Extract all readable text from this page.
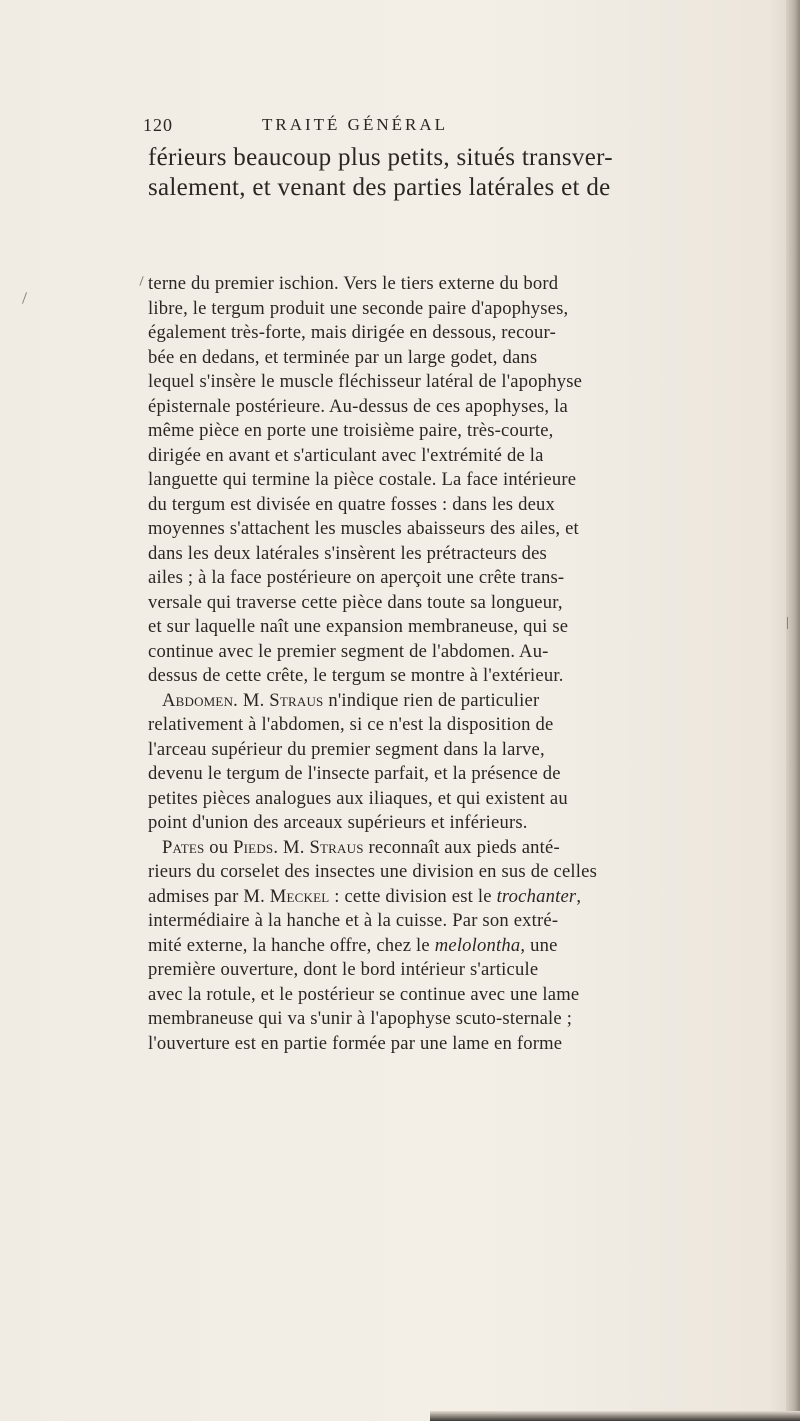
120	TRAITÉ GÉNÉRAL
férieurs beaucoup plus petits, situés transver-
salement, et venant des parties latérales et de
terne du premier ischion. Vers le tiers externe du bord
libre, le tergum produit une seconde paire d'apophyses,
également très-forte, mais dirigée en dessous, recour-
bée en dedans, et terminée par un large godet, dans
lequel s'insère le muscle fléchisseur latéral de l'apophyse
épisternale postérieure. Au-dessus de ces apophyses, la
même pièce en porte une troisième paire, très-courte,
dirigée en avant et s'articulant avec l'extrémité de la
languette qui termine la pièce costale. La face intérieure
du tergum est divisée en quatre fosses : dans les deux
moyennes s'attachent les muscles abaisseurs des ailes, et
dans les deux latérales s'insèrent les prétracteurs des
ailes ; à la face postérieure on aperçoit une crête trans-
versale qui traverse cette pièce dans toute sa longueur,
et sur laquelle naît une expansion membraneuse, qui se
continue avec le premier segment de l'abdomen. Au-
dessus de cette crête, le tergum se montre à l'extérieur.
Abdomen. M. Straus n'indique rien de particulier
relativement à l'abdomen, si ce n'est la disposition de
l'arceau supérieur du premier segment dans la larve,
devenu le tergum de l'insecte parfait, et la présence de
petites pièces analogues aux iliaques, et qui existent au
point d'union des arceaux supérieurs et inférieurs.
Pates ou Pieds. M. Straus reconnaît aux pieds anté-
rieurs du corselet des insectes une division en sus de celles
admises par M. Meckel : cette division est le trochanter,
intermédiaire à la hanche et à la cuisse. Par son extré-
mité externe, la hanche offre, chez le melolontha, une
première ouverture, dont le bord intérieur s'articule
avec la rotule, et le postérieur se continue avec une lame
membraneuse qui va s'unir à l'apophyse scuto-sternale ;
l'ouverture est en partie formée par une lame en forme
